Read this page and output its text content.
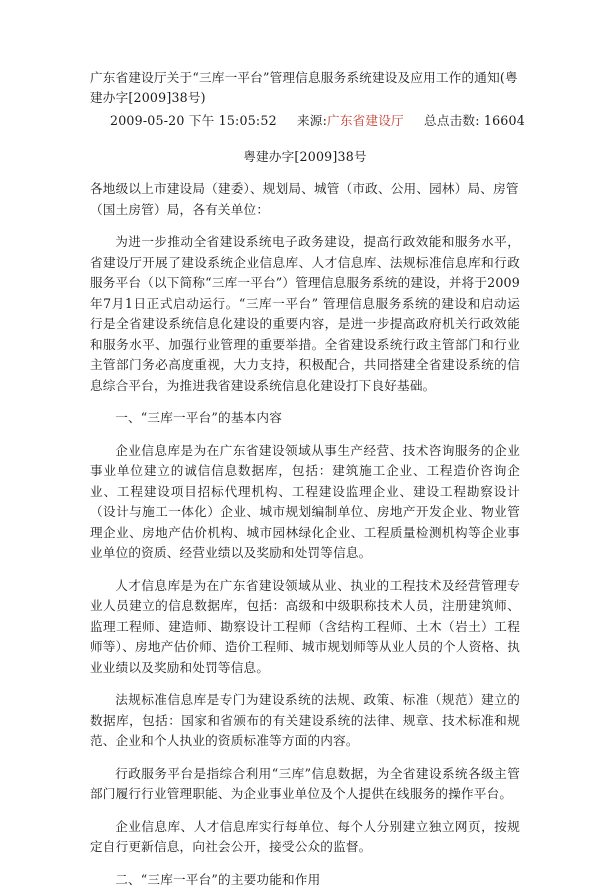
广东省建设厅关于“三库一平台”管理信息服务系统建设及应用工作的通知(粤建办字[2009]38号)
2009-05-20 下午 15:05:52 来源:广东省建设厅 总点击数: 16604

粤建办字[2009]38号

各地级以上市建设局（建委）、规划局、城管（市政、公用、园林）局、房管（国土房管）局，各有关单位：

为进一步推动全省建设系统电子政务建设，提高行政效能和服务水平，省建设厅开展了建设系统企业信息库、人才信息库、法规标准信息库和行政服务平台（以下简称“三库一平台”）管理信息服务系统的建设，并将于2009年7月1日正式启动运行。“三库一平台” 管理信息服务系统的建设和启动运行是全省建设系统信息化建设的重要内容，是进一步提高政府机关行政效能和服务水平、加强行业管理的重要举措。全省建设系统行政主管部门和行业主管部门务必高度重视，大力支持，积极配合，共同搭建全省建设系统的信息综合平台，为推进我省建设系统信息化建设打下良好基础。

一、“三库一平台”的基本内容

企业信息库是为在广东省建设领域从事生产经营、技术咨询服务的企业事业单位建立的诚信信息数据库，包括：建筑施工企业、工程造价咨询企业、工程建设项目招标代理机构、工程建设监理企业、建设工程勘察设计（设计与施工一体化）企业、城市规划编制单位、房地产开发企业、物业管理企业、房地产估价机构、城市园林绿化企业、工程质量检测机构等企业事业单位的资质、经营业绩以及奖励和处罚等信息。

人才信息库是为在广东省建设领域从业、执业的工程技术及经营管理专业人员建立的信息数据库，包括：高级和中级职称技术人员，注册建筑师、监理工程师、建造师、勘察设计工程师（含结构工程师、土木（岩土）工程师等）、房地产估价师、造价工程师、城市规划师等从业人员的个人资格、执业业绩以及奖励和处罚等信息。

法规标准信息库是专门为建设系统的法规、政策、标准（规范）建立的数据库，包括：国家和省颁布的有关建设系统的法律、规章、技术标准和规范、企业和个人执业的资质标准等方面的内容。

行政服务平台是指综合利用“三库”信息数据，为全省建设系统各级主管部门履行行业管理职能、为企业事业单位及个人提供在线服务的操作平台。

企业信息库、人才信息库实行每单位、每个人分别建立独立网页，按规定自行更新信息，向社会公开，接受公众的监督。

二、“三库一平台”的主要功能和作用
